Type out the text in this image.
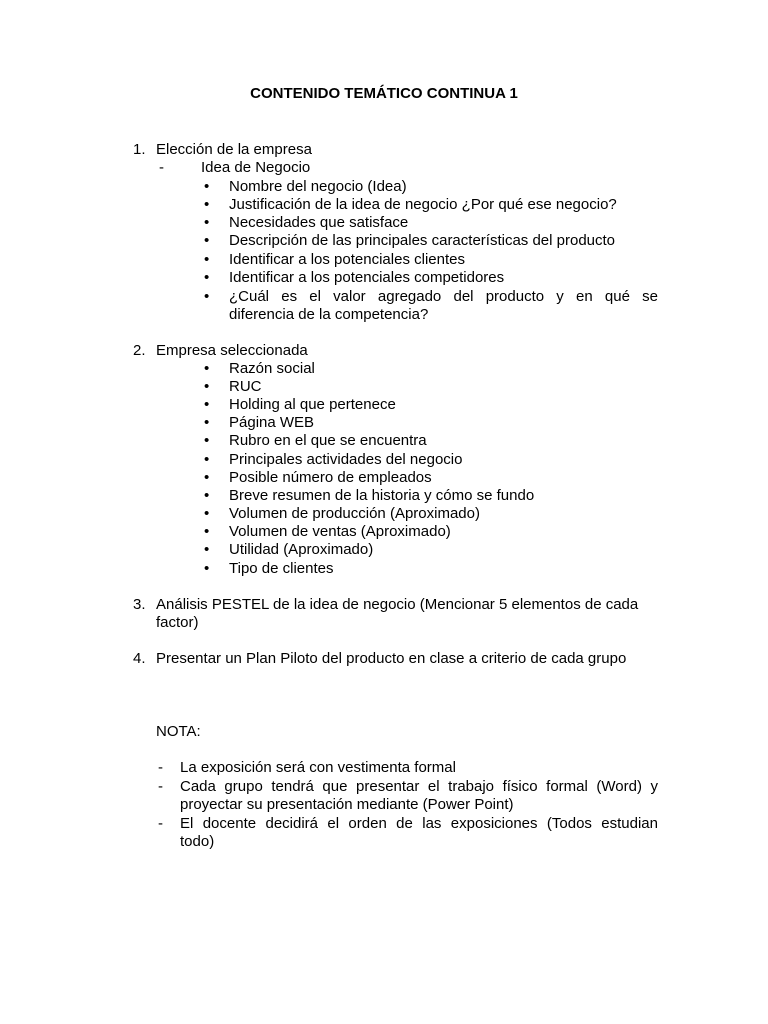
CONTENIDO TEMÁTICO CONTINUA 1
1. Elección de la empresa
- Idea de Negocio
• Nombre del negocio (Idea)
• Justificación de la idea de negocio ¿Por qué ese negocio?
• Necesidades que satisface
• Descripción de las principales características del producto
• Identificar a los potenciales clientes
• Identificar a los potenciales competidores
• ¿Cuál es el valor agregado del producto y en qué se
diferencia de la competencia?
2. Empresa seleccionada
• Razón social
• RUC
• Holding al que pertenece
• Página WEB
• Rubro en el que se encuentra
• Principales actividades del negocio
• Posible número de empleados
• Breve resumen de la historia y cómo se fundo
• Volumen de producción (Aproximado)
• Volumen de ventas (Aproximado)
• Utilidad (Aproximado)
• Tipo de clientes
3. Análisis PESTEL de la idea de negocio (Mencionar 5 elementos de cada
factor)
4. Presentar un Plan Piloto del producto en clase a criterio de cada grupo
NOTA:
- La exposición será con vestimenta formal
- Cada grupo tendrá que presentar el trabajo físico formal (Word) y
proyectar su presentación mediante (Power Point)
- El docente decidirá el orden de las exposiciones (Todos estudian
todo)
